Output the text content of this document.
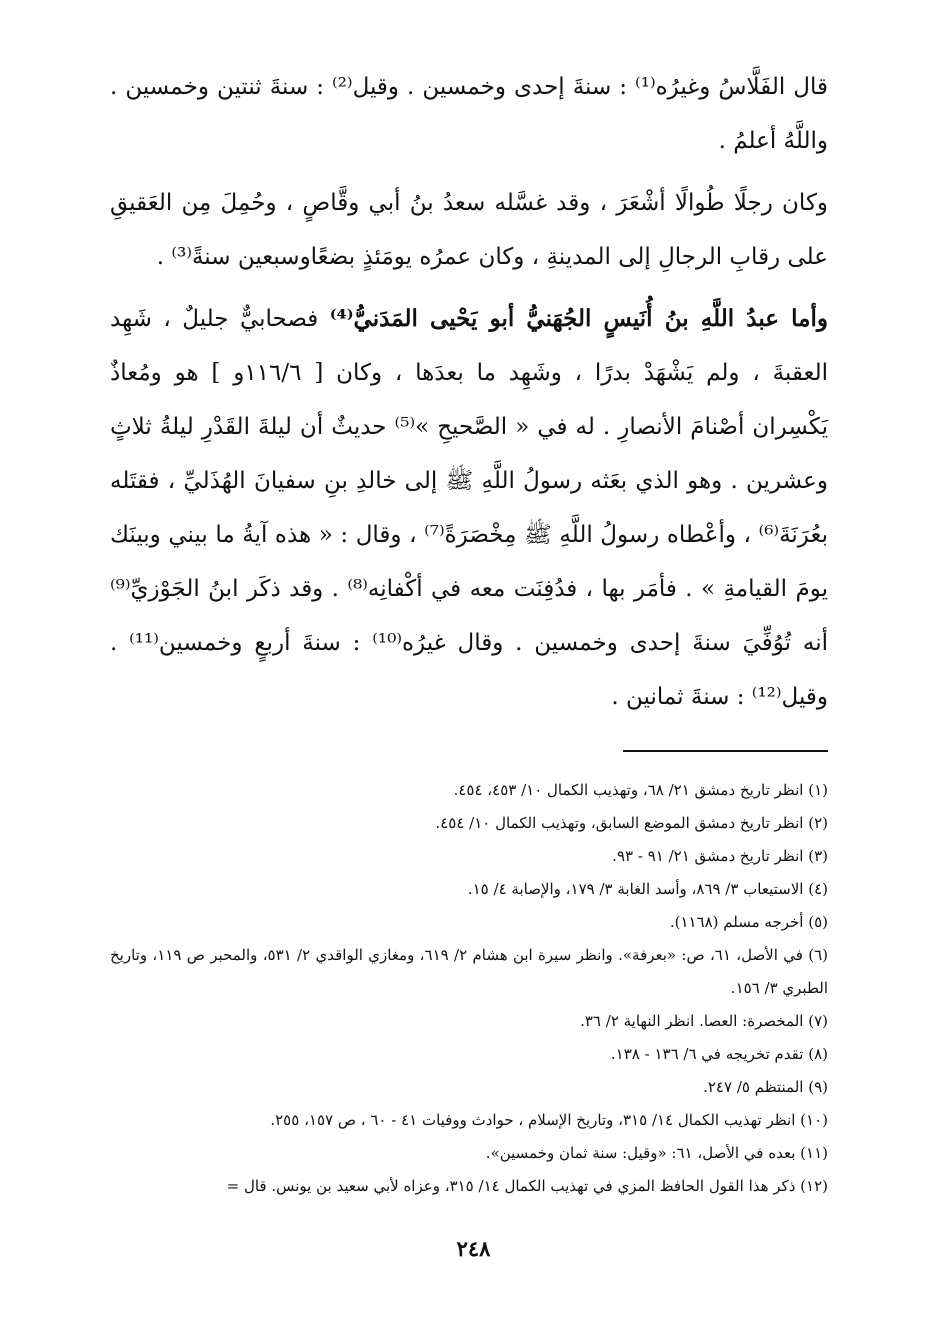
قال الفَلَّاسُ وغيرُه⁽¹⁾ : سنةَ إحدى وخمسين . وقيل⁽²⁾ : سنةَ ثنتين وخمسين . واللَّهُ أعلمُ .

وكان رجلًا طُوالًا أشْعَرَ ، وقد غسَّله سعدُ بنُ أبي وقَّاصٍ ، وحُمِلَ مِن العَقيقِ على رقابِ الرجالِ إلى المدينةِ ، وكان عمرُه يومَئذٍ بضعًاوسبعين سنةً⁽³⁾ .

وأما عبدُ اللَّهِ بنُ أُنَيسٍ الجُهَنيُّ أبو يَحْيى المَدَنيُّ⁽⁴⁾ فصحابيٌّ جليلٌ ، شَهِد العقبةَ ، ولم يَشْهَدْ بدرًا ، وشَهِد ما بعدَها ، وكان [ ١١٦/٦و ] هو ومُعاذٌ يَكْسِران أصْنامَ الأنصارِ . له في « الصَّحيحِ »⁽⁵⁾ حديثٌ أن ليلةَ القَدْرِ ليلةُ ثلاثٍ وعشرين . وهو الذي بعَثه رسولُ اللَّهِ ﷺ إلى خالدِ بنِ سفيانَ الهُذَليِّ ، فقتَله بعُرَنَةَ⁽⁶⁾ ، وأعْطاه رسولُ اللَّهِ ﷺ مِخْصَرَةً⁽⁷⁾ ، وقال : « هذه آيةُ ما بيني وبينَك يومَ القيامةِ » . فأمَر بها ، فدُفِنَت معه في أكْفانِه⁽⁸⁾ . وقد ذكَر ابنُ الجَوْزيِّ⁽⁹⁾ أنه تُوُفِّيَ سنةَ إحدى وخمسين . وقال غيرُه⁽¹⁰⁾ : سنةَ أربعٍ وخمسين⁽¹¹⁾ . وقيل⁽¹²⁾ : سنةَ ثمانين .

(١) انظر تاريخ دمشق ٢١/ ٦٨، وتهذيب الكمال ١٠/ ٤٥٣، ٤٥٤.

(٢) انظر تاريخ دمشق الموضع السابق، وتهذيب الكمال ١٠/ ٤٥٤.

(٣) انظر تاريخ دمشق ٢١/ ٩١ - ٩٣.

(٤) الاستيعاب ٣/ ٨٦٩، وأسد الغابة ٣/ ١٧٩، والإصابة ٤/ ١٥.

(٥) أخرجه مسلم (١١٦٨).

(٦) في الأصل، ٦١، ص: «بعرفة». وانظر سيرة ابن هشام ٢/ ٦١٩، ومغازي الواقدي ٢/ ٥٣١، والمحبر ص ١١٩، وتاريخ الطبري ٣/ ١٥٦.

(٧) المخصرة: العصا. انظر النهاية ٢/ ٣٦.

(٨) تقدم تخريجه في ٦/ ١٣٦ - ١٣٨.

(٩) المنتظم ٥/ ٢٤٧.

(١٠) انظر تهذيب الكمال ١٤/ ٣١٥، وتاريخ الإسلام ، حوادث ووفيات ٤١ - ٦٠ ، ص ١٥٧، ٢٥٥.

(١١) بعده في الأصل، ٦١: «وقيل: سنة ثمان وخمسين».

(١٢) ذكر هذا القول الحافظ المزي في تهذيب الكمال ١٤/ ٣١٥، وعزاه لأبي سعيد بن يونس. قال =

٢٤٨
